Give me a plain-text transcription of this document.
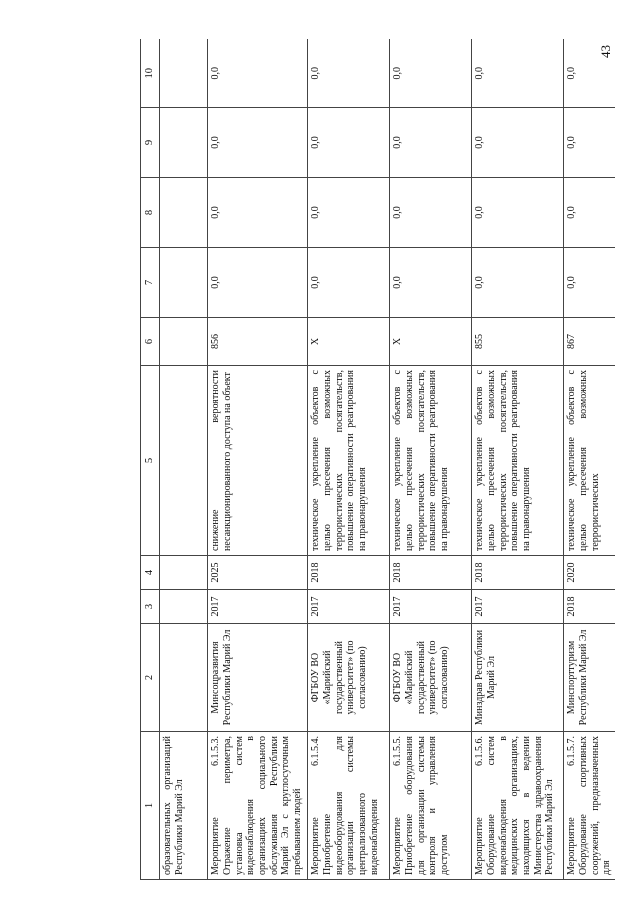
43
1	2	3	4	5	6	7	8	9	10
образовательных организаций Республики Марий Эл									
Мероприятие 6.1.5.3. Отражение периметра, установка систем видеонаблюдения в организациях социального обслуживания Республики Марий Эл с круглосуточным пребыванием людей	Минсоцразвития Республики Марий Эл	2017	2025	снижение вероятности несанкционированного доступа на объект	856	0,0	0,0	0,0	0,0
Мероприятие 6.1.5.4. Приобретение видеооборудования для организации системы централизованного видеонаблюдения	ФГБОУ ВО «Марийский государственный университет» (по согласованию)	2017	2018	техническое укрепление объектов с целью пресечения возможных террористических посягательств, повышение оперативности реагирования на правонарушения	X	0,0	0,0	0,0	0,0
Мероприятие 6.1.5.5. Приобретение оборудования для организации системы контроля и управления доступом	ФГБОУ ВО «Марийский государственный университет» (по согласованию)	2017	2018	техническое укрепление объектов с целью пресечения возможных террористических посягательств, повышение оперативности реагирования на правонарушения	X	0,0	0,0	0,0	0,0
Мероприятие 6.1.5.6. Оборудование систем видеонаблюдения в медицинских организациях, находящихся в ведении Министерства здравоохранения Республики Марий Эл	Минздрав Республики Марий Эл	2017	2018	техническое укрепление объектов с целью пресечения возможных террористических посягательств, повышение оперативности реагирования на правонарушения	855	0,0	0,0	0,0	0,0
Мероприятие 6.1.5.7. Оборудование спортивных сооружений, предназначенных для	Минспорттуризм Республики Марий Эл	2018	2020	техническое укрепление объектов с целью пресечения возможных террористических	867	0,0	0,0	0,0	0,0
